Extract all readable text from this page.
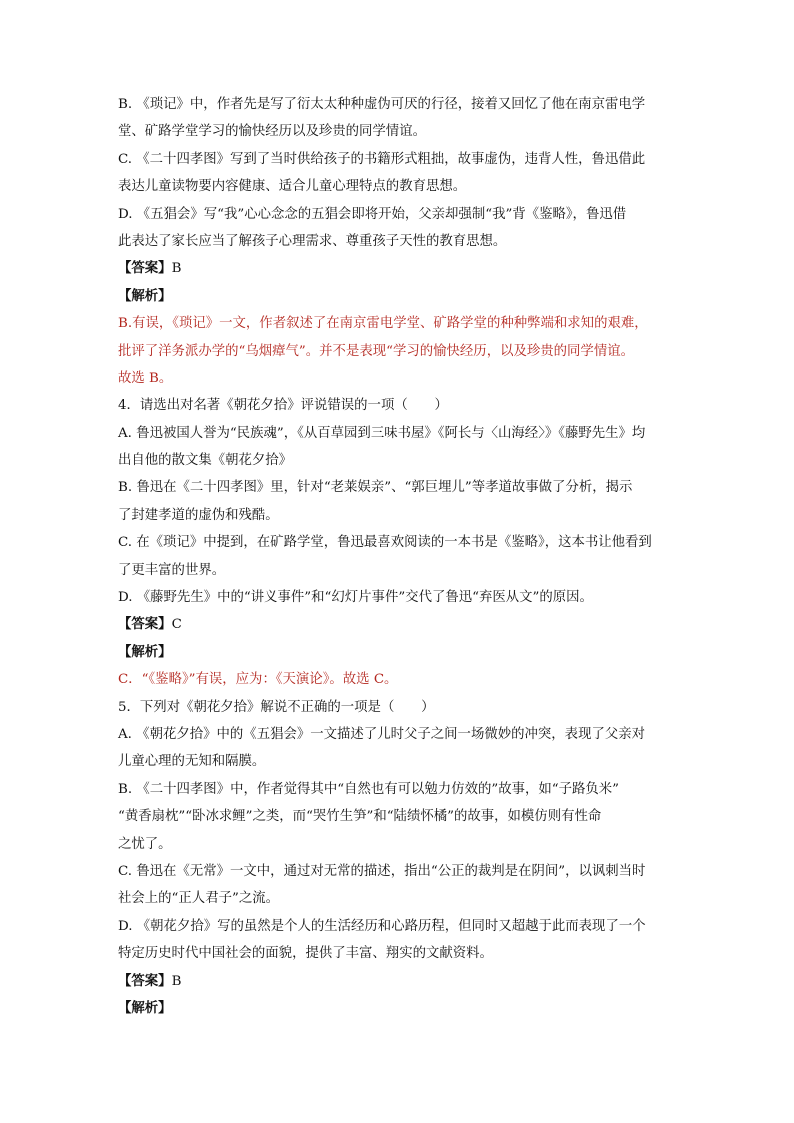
B. 《琐记》中，作者先是写了衍太太种种虚伪可厌的行径，接着又回忆了他在南京雷电学
堂、矿路学堂学习的愉快经历以及珍贵的同学情谊。
C. 《二十四孝图》写到了当时供给孩子的书籍形式粗拙，故事虚伪，违背人性，鲁迅借此
表达儿童读物要内容健康、适合儿童心理特点的教育思想。
D. 《五猖会》写“我”心心念念的五猖会即将开始，父亲却强制“我”背《鉴略》，鲁迅借
此表达了家长应当了解孩子心理需求、尊重孩子天性的教育思想。
【答案】B
【解析】
B.有误，《琐记》一文，作者叙述了在南京雷电学堂、矿路学堂的种种弊端和求知的艰难，
批评了洋务派办学的“乌烟瘴气”。并不是表现“学习的愉快经历，以及珍贵的同学情谊。
故选 B。
4．请选出对名著《朝花夕拾》评说错误的一项（　　）
A. 鲁迅被国人誉为“民族魂”，《从百草园到三味书屋》《阿长与〈山海经〉》《藤野先生》均
出自他的散文集《朝花夕拾》
B. 鲁迅在《二十四孝图》里，针对“老莱娱亲”、“郭巨埋儿”等孝道故事做了分析，揭示
了封建孝道的虚伪和残酷。
C. 在《琐记》中提到，在矿路学堂，鲁迅最喜欢阅读的一本书是《鉴略》，这本书让他看到
了更丰富的世界。
D. 《藤野先生》中的“讲义事件”和“幻灯片事件”交代了鲁迅“弃医从文”的原因。
【答案】C
【解析】
C．“《鉴略》”有误，应为：《天演论》。故选 C。
5．下列对《朝花夕拾》解说不正确的一项是（　　）
A. 《朝花夕拾》中的《五猖会》一文描述了儿时父子之间一场微妙的冲突，表现了父亲对
儿童心理的无知和隔膜。
B. 《二十四孝图》中，作者觉得其中“自然也有可以勉力仿效的”故事，如“子路负米”
“黄香扇枕”“卧冰求鲤”之类，而“哭竹生笋”和“陆绩怀橘”的故事，如模仿则有性命
之忧了。
C. 鲁迅在《无常》一文中，通过对无常的描述，指出“公正的裁判是在阴间”，以讽刺当时
社会上的“正人君子”之流。
D. 《朝花夕拾》写的虽然是个人的生活经历和心路历程，但同时又超越于此而表现了一个
特定历史时代中国社会的面貌，提供了丰富、翔实的文献资料。
【答案】B
【解析】
